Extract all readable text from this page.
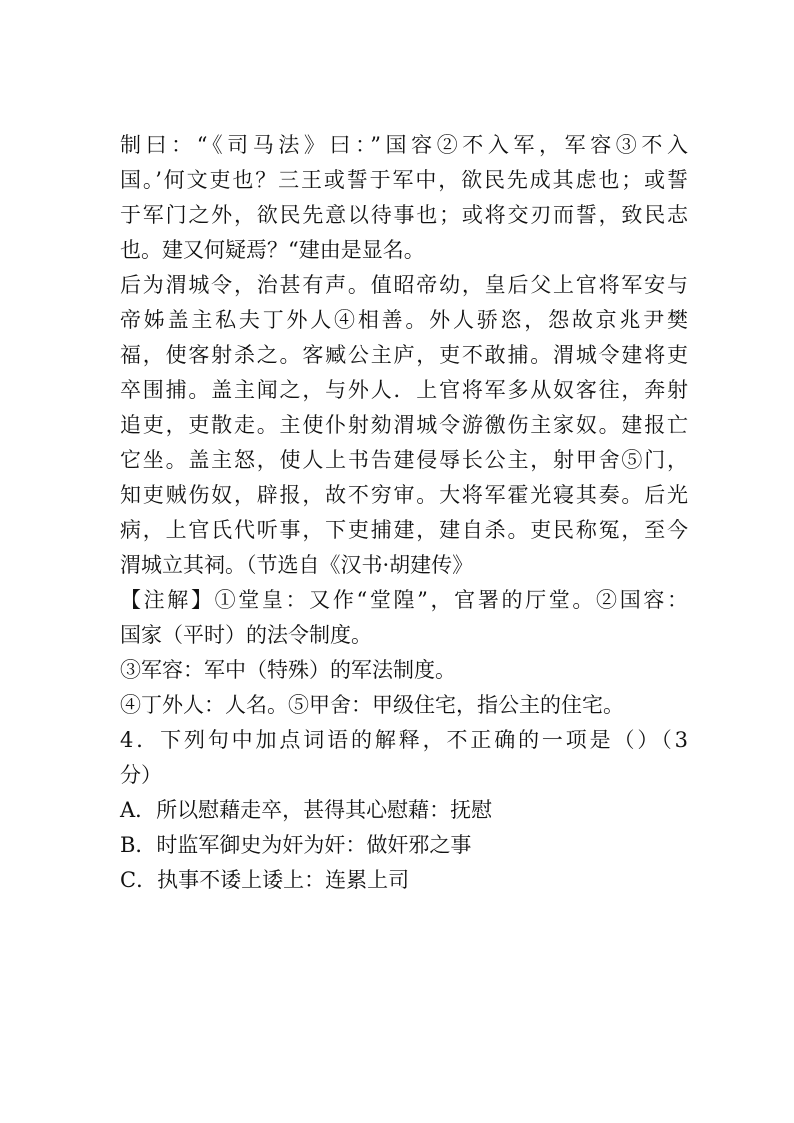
制曰：“《司马法》曰：”国容②不入军，军容③不入
国。’何文吏也？三王或誓于军中，欲民先成其虑也；或誓
于军门之外，欲民先意以待事也；或将交刃而誓，致民志
也。建又何疑焉？“建由是显名。
后为渭城令，治甚有声。值昭帝幼，皇后父上官将军安与
帝姊盖主私夫丁外人④相善。外人骄恣，怨故京兆尹樊
福，使客射杀之。客臧公主庐，吏不敢捕。渭城令建将吏
卒围捕。盖主闻之，与外人．上官将军多从奴客往，奔射
追吏，吏散走。主使仆射劾渭城令游徼伤主家奴。建报亡
它坐。盖主怒，使人上书告建侵辱长公主，射甲舍⑤门，
知吏贼伤奴，辟报，故不穷审。大将军霍光寝其奏。后光
病，上官氏代听事，下吏捕建，建自杀。吏民称冤，至今
渭城立其祠。（节选自《汉书·胡建传》
【注解】①堂皇：又作“堂隍”，官署的厅堂。②国容：
国家（平时）的法令制度。
③军容：军中（特殊）的军法制度。
④丁外人：人名。⑤甲舍：甲级住宅，指公主的住宅。
4．下列句中加点词语的解释，不正确的一项是（）（3
分）
A．所以慰藉走卒，甚得其心慰藉：抚慰
B．时监军御史为奸为奸：做奸邪之事
C．执事不诿上诿上：连累上司
